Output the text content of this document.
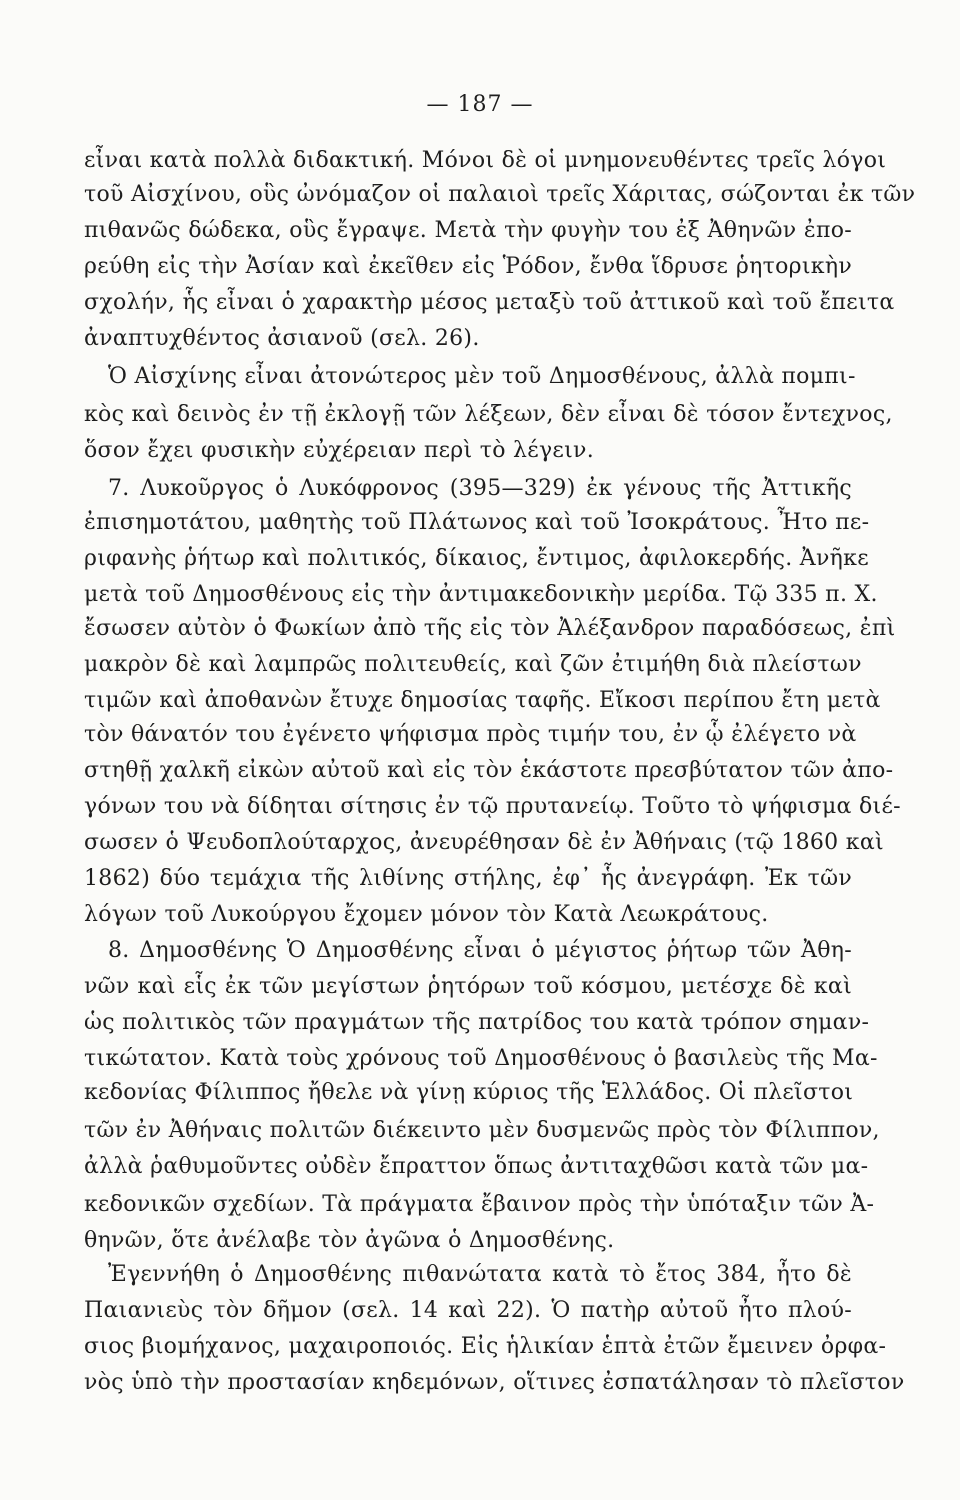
— 187 —
εἶναι κατὰ πολλὰ διδακτική. Μόνοι δὲ οἱ μνημονευθέντες τρεῖς λόγοι
τοῦ Αἰσχίνου, οὓς ὠνόμαζον οἱ παλαιοὶ τρεῖς Χάριτας, σώζονται ἐκ τῶν
πιθανῶς δώδεκα, οὓς ἔγραψε. Μετὰ τὴν φυγὴν του ἐξ Ἀθηνῶν ἐπο-
ρεύθη εἰς τὴν Ἀσίαν καὶ ἐκεῖθεν εἰς Ῥόδον, ἔνθα ἵδρυσε ῥητορικὴν
σχολήν, ἧς εἶναι ὁ χαρακτὴρ μέσος μεταξὺ τοῦ ἀττικοῦ καὶ τοῦ ἔπειτα
ἀναπτυχθέντος ἀσιανοῦ (σελ. 26).
Ὁ Αἰσχίνης εἶναι ἀτονώτερος μὲν τοῦ Δημοσθένους, ἀλλὰ πομπι-
κὸς καὶ δεινὸς ἐν τῇ ἐκλογῇ τῶν λέξεων, δὲν εἶναι δὲ τόσον ἔντεχνος,
ὅσον ἔχει φυσικὴν εὐχέρειαν περὶ τὸ λέγειν.
7. Λυκοῦργος ὁ Λυκόφρονος (395—329) ἐκ γένους τῆς Ἀττικῆς
ἐπισημοτάτου, μαθητὴς τοῦ Πλάτωνος καὶ τοῦ Ἰσοκράτους. Ἦτο πε-
ριφανὴς ῥήτωρ καὶ πολιτικός, δίκαιος, ἔντιμος, ἀφιλοκερδής. Ἀνῆκε
μετὰ τοῦ Δημοσθένους εἰς τὴν ἀντιμακεδονικὴν μερίδα. Τῷ 335 π. Χ.
ἔσωσεν αὐτὸν ὁ Φωκίων ἀπὸ τῆς εἰς τὸν Ἀλέξανδρον παραδόσεως, ἐπὶ
μακρὸν δὲ καὶ λαμπρῶς πολιτευθείς, καὶ ζῶν ἐτιμήθη διὰ πλείστων
τιμῶν καὶ ἀποθανὼν ἔτυχε δημοσίας ταφῆς. Εἴκοσι περίπου ἔτη μετὰ
τὸν θάνατόν του ἐγένετο ψήφισμα πρὸς τιμήν του, ἐν ᾧ ἐλέγετο νὰ
στηθῇ χαλκῆ εἰκὼν αὐτοῦ καὶ εἰς τὸν ἑκάστοτε πρεσβύτατον τῶν ἀπο-
γόνων του νὰ δίδηται σίτησις ἐν τῷ πρυτανείῳ. Τοῦτο τὸ ψήφισμα διέ-
σωσεν ὁ Ψευδοπλούταρχος, ἀνευρέθησαν δὲ ἐν Ἀθήναις (τῷ 1860 καὶ
1862) δύο τεμάχια τῆς λιθίνης στήλης, ἐφ᾽ ἧς ἀνεγράφη. Ἐκ τῶν
λόγων τοῦ Λυκούργου ἔχομεν μόνον τὸν Κατὰ Λεωκράτους.
8. Δημοσθένης Ὁ Δημοσθένης εἶναι ὁ μέγιστος ῥήτωρ τῶν Ἀθη-
νῶν καὶ εἷς ἐκ τῶν μεγίστων ῥητόρων τοῦ κόσμου, μετέσχε δὲ καὶ
ὡς πολιτικὸς τῶν πραγμάτων τῆς πατρίδος του κατὰ τρόπον σημαν-
τικώτατον. Κατὰ τοὺς χρόνους τοῦ Δημοσθένους ὁ βασιλεὺς τῆς Μα-
κεδονίας Φίλιππος ἤθελε νὰ γίνῃ κύριος τῆς Ἑλλάδος. Οἱ πλεῖστοι
τῶν ἐν Ἀθήναις πολιτῶν διέκειντο μὲν δυσμενῶς πρὸς τὸν Φίλιππον,
ἀλλὰ ῥαθυμοῦντες οὐδὲν ἔπραττον ὅπως ἀντιταχθῶσι κατὰ τῶν μα-
κεδονικῶν σχεδίων. Τὰ πράγματα ἔβαινον πρὸς τὴν ὑπόταξιν τῶν Ἀ-
θηνῶν, ὅτε ἀνέλαβε τὸν ἀγῶνα ὁ Δημοσθένης.
Ἐγεννήθη ὁ Δημοσθένης πιθανώτατα κατὰ τὸ ἔτος 384, ἦτο δὲ
Παιανιεὺς τὸν δῆμον (σελ. 14 καὶ 22). Ὁ πατὴρ αὐτοῦ ἦτο πλού-
σιος βιομήχανος, μαχαιροποιός. Εἰς ἡλικίαν ἑπτὰ ἐτῶν ἔμεινεν ὀρφα-
νὸς ὑπὸ τὴν προστασίαν κηδεμόνων, οἵτινες ἐσπατάλησαν τὸ πλεῖστον
